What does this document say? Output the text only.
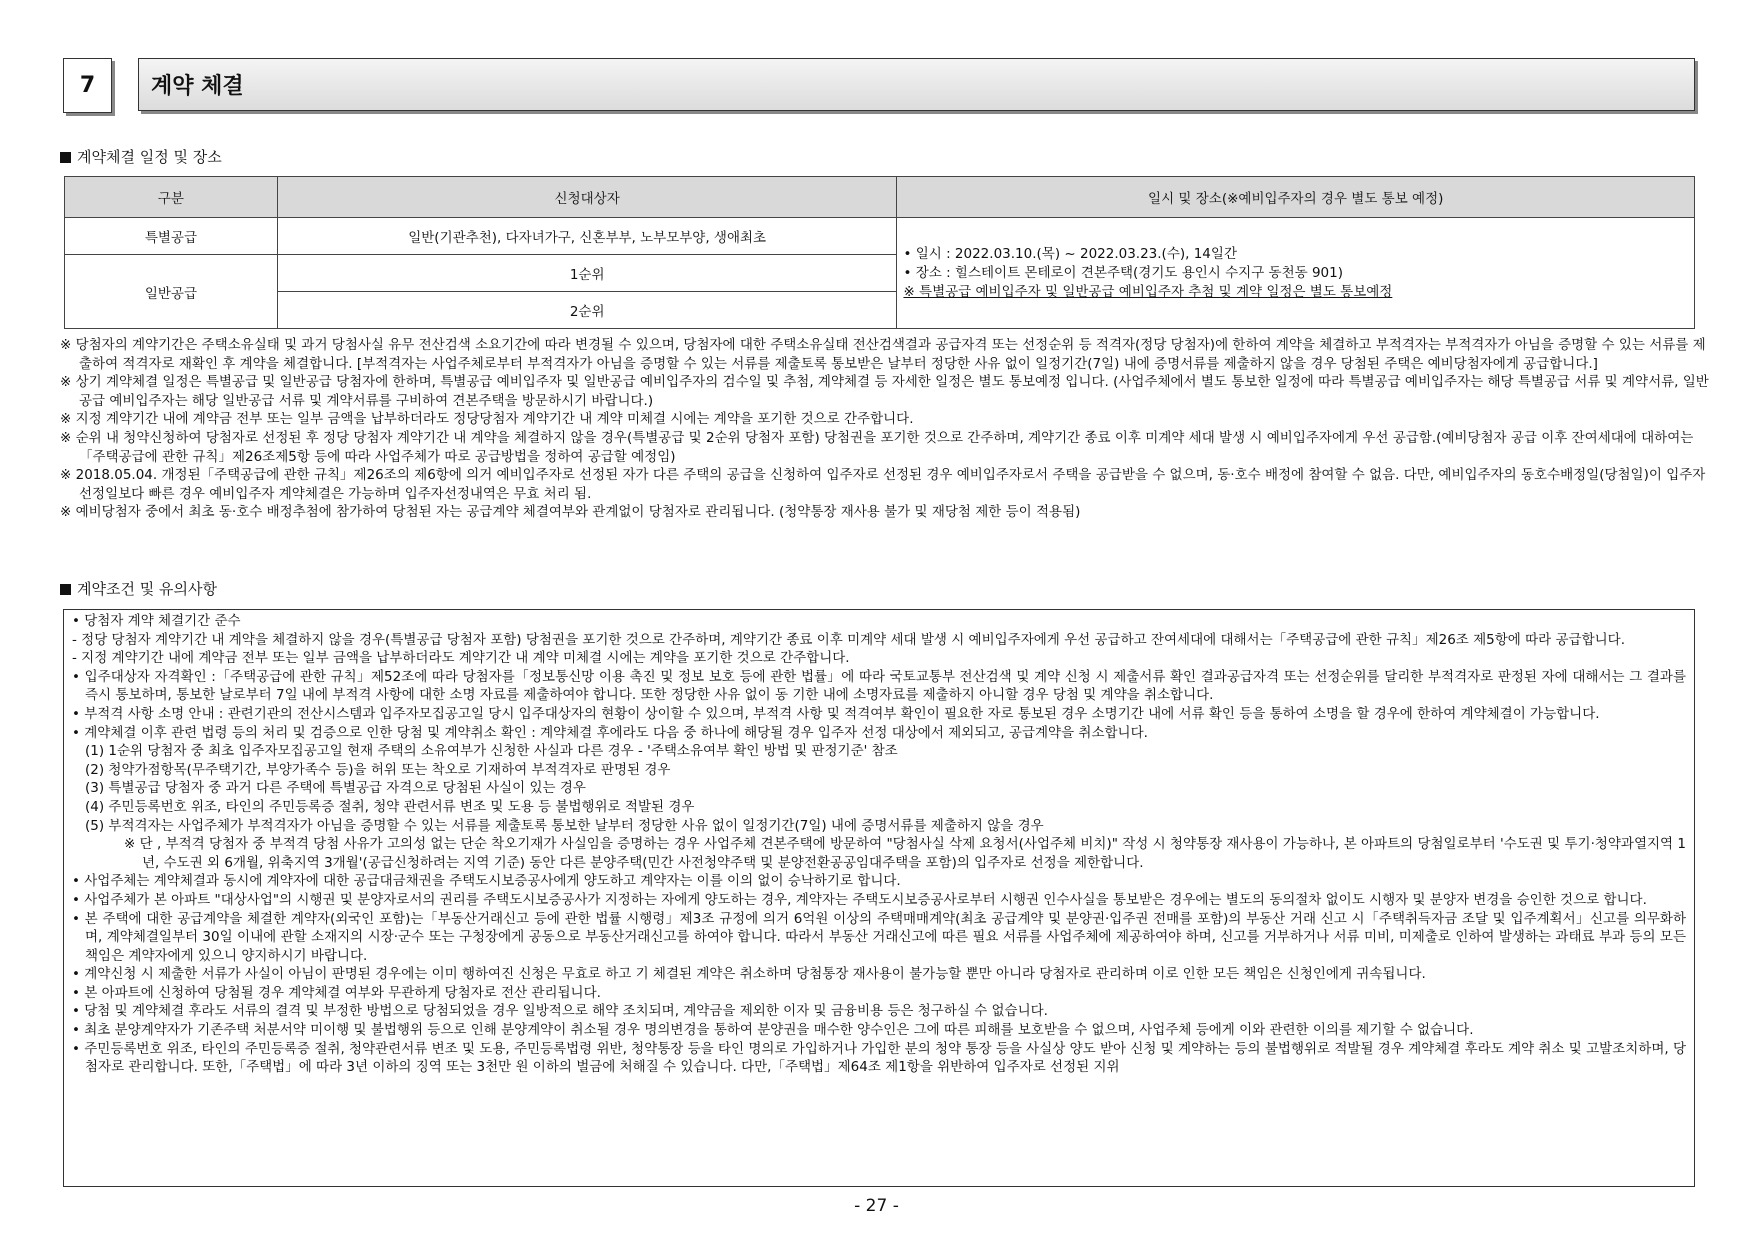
7	계약 체결
계약체결 일정 및 장소
구분	신청대상자	일시 및 장소(※예비입주자의 경우 별도 통보 예정)
특별공급	일반(기관추천), 다자녀가구, 신혼부부, 노부모부양, 생애최초	• 일시 : 2022.03.10.(목) ~ 2022.03.23.(수), 14일간
• 장소 : 힐스테이트 몬테로이 견본주택(경기도 용인시 수지구 동천동 901)
※ 특별공급 예비입주자 및 일반공급 예비입주자 추첨 및 계약 일정은 별도 통보예정

일반공급	1순위	
	2순위	

※ 당첨자의 계약기간은 주택소유실태 및 과거 당첨사실 유무 전산검색 소요기간에 따라 변경될 수 있으며, 당첨자에 대한 주택소유실태 전산검색결과 공급자격 또는 선정순위 등 적격자(정당 당첨자)에 한하여 계약을 체결하고 부적격자는 부적격자가 아님을 증명할 수 있는 서류를 제출하여 적격자로 재확인 후 계약을 체결합니다. [부적격자는 사업주체로부터 부적격자가 아님을 증명할 수 있는 서류를 제출토록 통보받은 날부터 정당한 사유 없이 일정기간(7일) 내에 증명서류를 제출하지 않을 경우 당첨된 주택은 예비당첨자에게 공급합니다.]

※ 상기 계약체결 일정은 특별공급 및 일반공급 당첨자에 한하며, 특별공급 예비입주자 및 일반공급 예비입주자의 검수일 및 추첨, 계약체결 등 자세한 일정은 별도 통보예정 입니다. (사업주체에서 별도 통보한 일정에 따라 특별공급 예비입주자는 해당 특별공급 서류 및 계약서류, 일반공급 예비입주자는 해당 일반공급 서류 및 계약서류를 구비하여 견본주택을 방문하시기 바랍니다.)

※ 지정 계약기간 내에 계약금 전부 또는 일부 금액을 납부하더라도 정당당첨자 계약기간 내 계약 미체결 시에는 계약을 포기한 것으로 간주합니다.

※ 순위 내 청약신청하여 당첨자로 선정된 후 정당 당첨자 계약기간 내 계약을 체결하지 않을 경우(특별공급 및 2순위 당첨자 포함) 당첨권을 포기한 것으로 간주하며, 계약기간 종료 이후 미계약 세대 발생 시 예비입주자에게 우선 공급함.(예비당첨자 공급 이후 잔여세대에 대하여는「주택공급에 관한 규칙」제26조제5항 등에 따라 사업주체가 따로 공급방법을 정하여 공급할 예정임)

※ 2018.05.04. 개정된「주택공급에 관한 규칙」제26조의 제6항에 의거 예비입주자로 선정된 자가 다른 주택의 공급을 신청하여 입주자로 선정된 경우 예비입주자로서 주택을 공급받을 수 없으며, 동‧호수 배정에 참여할 수 없음. 다만, 예비입주자의 동호수배정일(당첨일)이 입주자 선정일보다 빠른 경우 예비입주자 계약체결은 가능하며 입주자선정내역은 무효 처리 됨.

※ 예비당첨자 중에서 최초 동‧호수 배정추첨에 참가하여 당첨된 자는 공급계약 체결여부와 관계없이 당첨자로 관리됩니다. (청약통장 재사용 불가 및 재당첨 제한 등이 적용됨)

계약조건 및 유의사항

• 당첨자 계약 체결기간 준수

- 정당 당첨자 계약기간 내 계약을 체결하지 않을 경우(특별공급 당첨자 포함) 당첨권을 포기한 것으로 간주하며, 계약기간 종료 이후 미계약 세대 발생 시 예비입주자에게 우선 공급하고 잔여세대에 대해서는「주택공급에 관한 규칙」제26조 제5항에 따라 공급합니다.

- 지정 계약기간 내에 계약금 전부 또는 일부 금액을 납부하더라도 계약기간 내 계약 미체결 시에는 계약을 포기한 것으로 간주합니다.

• 입주대상자 자격확인 :「주택공급에 관한 규칙」제52조에 따라 당첨자를「정보통신망 이용 촉진 및 정보 보호 등에 관한 법률」에 따라 국토교통부 전산검색 및 계약 신청 시 제출서류 확인 결과공급자격 또는 선정순위를 달리한 부적격자로 판정된 자에 대해서는 그 결과를 즉시 통보하며, 통보한 날로부터 7일 내에 부적격 사항에 대한 소명 자료를 제출하여야 합니다. 또한 정당한 사유 없이 동 기한 내에 소명자료를 제출하지 아니할 경우 당첨 및 계약을 취소합니다.

• 부적격 사항 소명 안내 : 관련기관의 전산시스템과 입주자모집공고일 당시 입주대상자의 현황이 상이할 수 있으며, 부적격 사항 및 적격여부 확인이 필요한 자로 통보된 경우 소명기간 내에 서류 확인 등을 통하여 소명을 할 경우에 한하여 계약체결이 가능합니다.

• 계약체결 이후 관련 법령 등의 처리 및 검증으로 인한 당첨 및 계약취소 확인 : 계약체결 후에라도 다음 중 하나에 해당될 경우 입주자 선정 대상에서 제외되고, 공급계약을 취소합니다.

(1) 1순위 당첨자 중 최초 입주자모집공고일 현재 주택의 소유여부가 신청한 사실과 다른 경우 - '주택소유여부 확인 방법 및 판정기준' 참조

(2) 청약가점항목(무주택기간, 부양가족수 등)을 허위 또는 착오로 기재하여 부적격자로 판명된 경우

(3) 특별공급 당첨자 중 과거 다른 주택에 특별공급 자격으로 당첨된 사실이 있는 경우

(4) 주민등록번호 위조, 타인의 주민등록증 절취, 청약 관련서류 변조 및 도용 등 불법행위로 적발된 경우

(5) 부적격자는 사업주체가 부적격자가 아님을 증명할 수 있는 서류를 제출토록 통보한 날부터 정당한 사유 없이 일정기간(7일) 내에 증명서류를 제출하지 않을 경우

※ 단 , 부적격 당첨자 중 부적격 당첨 사유가 고의성 없는 단순 착오기재가 사실임을 증명하는 경우 사업주체 견본주택에 방문하여 "당첨사실 삭제 요청서(사업주체 비치)" 작성 시 청약통장 재사용이 가능하나, 본 아파트의 당첨일로부터 '수도권 및 투기·청약과열지역 1년, 수도권 외 6개월, 위축지역 3개월'(공급신청하려는 지역 기준) 동안 다른 분양주택(민간 사전청약주택 및 분양전환공공임대주택을 포함)의 입주자로 선정을 제한합니다.

• 사업주체는 계약체결과 동시에 계약자에 대한 공급대금채권을 주택도시보증공사에게 양도하고 계약자는 이를 이의 없이 승낙하기로 합니다.

• 사업주체가 본 아파트 "대상사업"의 시행권 및 분양자로서의 권리를 주택도시보증공사가 지정하는 자에게 양도하는 경우, 계약자는 주택도시보증공사로부터 시행권 인수사실을 통보받은 경우에는 별도의 동의절차 없이도 시행자 및 분양자 변경을 승인한 것으로 합니다.

• 본 주택에 대한 공급계약을 체결한 계약자(외국인 포함)는「부동산거래신고 등에 관한 법률 시행령」제3조 규정에 의거 6억원 이상의 주택매매계약(최초 공급계약 및 분양권·입주권 전매를 포함)의 부동산 거래 신고 시「주택취득자금 조달 및 입주계획서」신고를 의무화하며, 계약체결일부터 30일 이내에 관할 소재지의 시장·군수 또는 구청장에게 공동으로 부동산거래신고를 하여야 합니다. 따라서 부동산 거래신고에 따른 필요 서류를 사업주체에 제공하여야 하며, 신고를 거부하거나 서류 미비, 미제출로 인하여 발생하는 과태료 부과 등의 모든 책임은 계약자에게 있으니 양지하시기 바랍니다.

• 계약신청 시 제출한 서류가 사실이 아님이 판명된 경우에는 이미 행하여진 신청은 무효로 하고 기 체결된 계약은 취소하며 당첨통장 재사용이 불가능할 뿐만 아니라 당첨자로 관리하며 이로 인한 모든 책임은 신청인에게 귀속됩니다.

• 본 아파트에 신청하여 당첨될 경우 계약체결 여부와 무관하게 당첨자로 전산 관리됩니다.

• 당첨 및 계약체결 후라도 서류의 결격 및 부정한 방법으로 당첨되었을 경우 일방적으로 해약 조치되며, 계약금을 제외한 이자 및 금융비용 등은 청구하실 수 없습니다.

• 최초 분양계약자가 기존주택 처분서약 미이행 및 불법행위 등으로 인해 분양계약이 취소될 경우 명의변경을 통하여 분양권을 매수한 양수인은 그에 따른 피해를 보호받을 수 없으며, 사업주체 등에게 이와 관련한 이의를 제기할 수 없습니다.

• 주민등록번호 위조, 타인의 주민등록증 절취, 청약관련서류 변조 및 도용, 주민등록법령 위반, 청약통장 등을 타인 명의로 가입하거나 가입한 분의 청약 통장 등을 사실상 양도 받아 신청 및 계약하는 등의 불법행위로 적발될 경우 계약체결 후라도 계약 취소 및 고발조치하며, 당첨자로 관리합니다. 또한,「주택법」에 따라 3년 이하의 징역 또는 3천만 원 이하의 벌금에 처해질 수 있습니다. 다만,「주택법」제64조 제1항을 위반하여 입주자로 선정된 지위

- 27 -
